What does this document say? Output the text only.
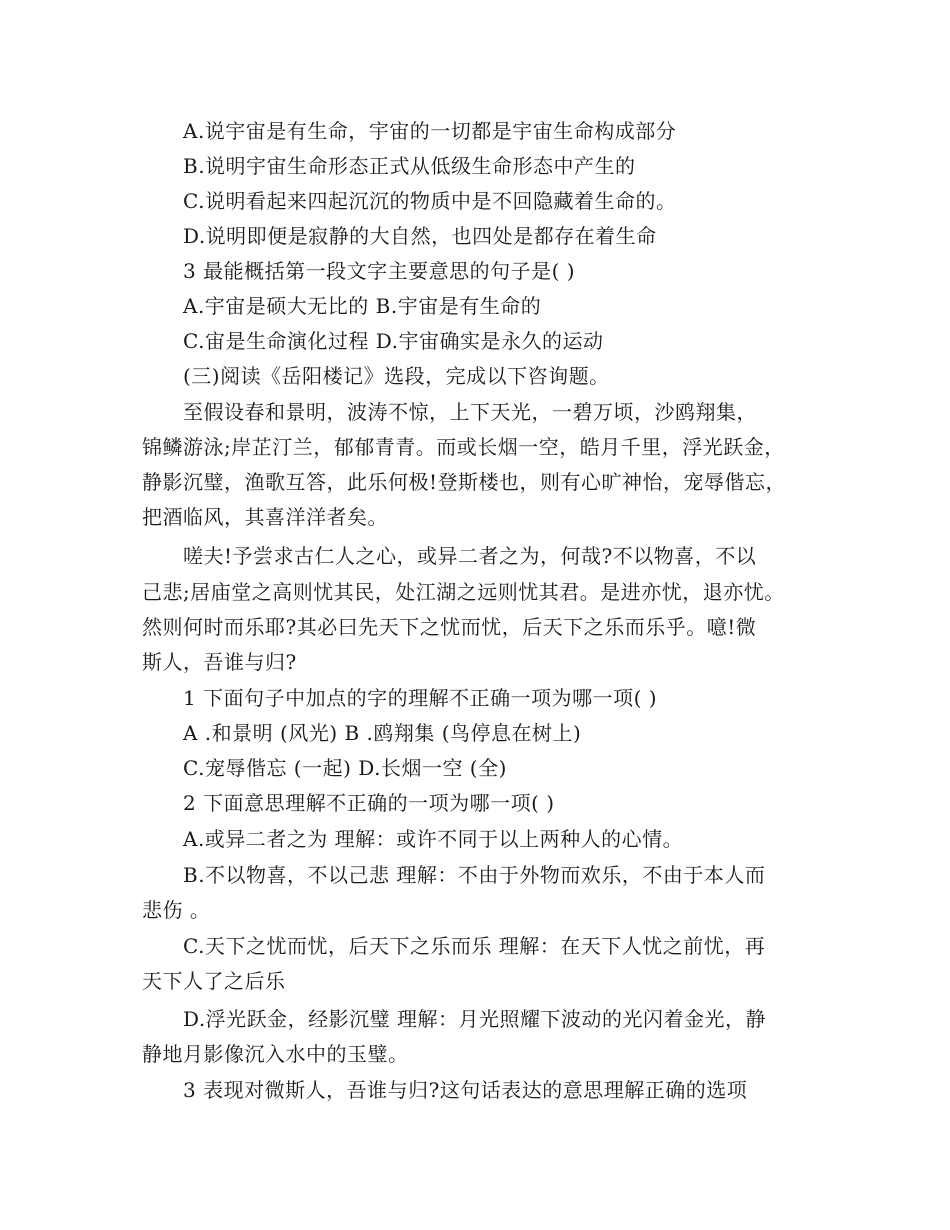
A.说宇宙是有生命，宇宙的一切都是宇宙生命构成部分
B.说明宇宙生命形态正式从低级生命形态中产生的
C.说明看起来四起沉沉的物质中是不回隐藏着生命的。
D.说明即便是寂静的大自然，也四处是都存在着生命
3 最能概括第一段文字主要意思的句子是( )
A.宇宙是硕大无比的 B.宇宙是有生命的
C.宙是生命演化过程 D.宇宙确实是永久的运动
(三)阅读《岳阳楼记》选段，完成以下咨询题。
至假设春和景明，波涛不惊，上下天光，一碧万顷，沙鸥翔集，
锦鳞游泳;岸芷汀兰，郁郁青青。而或长烟一空，皓月千里，浮光跃金，
静影沉璧，渔歌互答，此乐何极!登斯楼也，则有心旷神怡，宠辱偕忘，
把酒临风，其喜洋洋者矣。
嗟夫!予尝求古仁人之心，或异二者之为，何哉?不以物喜，不以
己悲;居庙堂之高则忧其民，处江湖之远则忧其君。是进亦忧，退亦忧。
然则何时而乐耶?其必曰先天下之忧而忧，后天下之乐而乐乎。噫!微
斯人，吾谁与归?
1 下面句子中加点的字的理解不正确一项为哪一项( )
A .和景明 (风光) B .鸥翔集 (鸟停息在树上)
C.宠辱偕忘 (一起) D.长烟一空 (全)
2 下面意思理解不正确的一项为哪一项( )
A.或异二者之为 理解：或许不同于以上两种人的心情。
B.不以物喜，不以己悲 理解：不由于外物而欢乐，不由于本人而
悲伤 。
C.天下之忧而忧，后天下之乐而乐 理解：在天下人忧之前忧，再
天下人了之后乐
D.浮光跃金，经影沉璧 理解：月光照耀下波动的光闪着金光，静
静地月影像沉入水中的玉璧。
3 表现对微斯人，吾谁与归?这句话表达的意思理解正确的选项
